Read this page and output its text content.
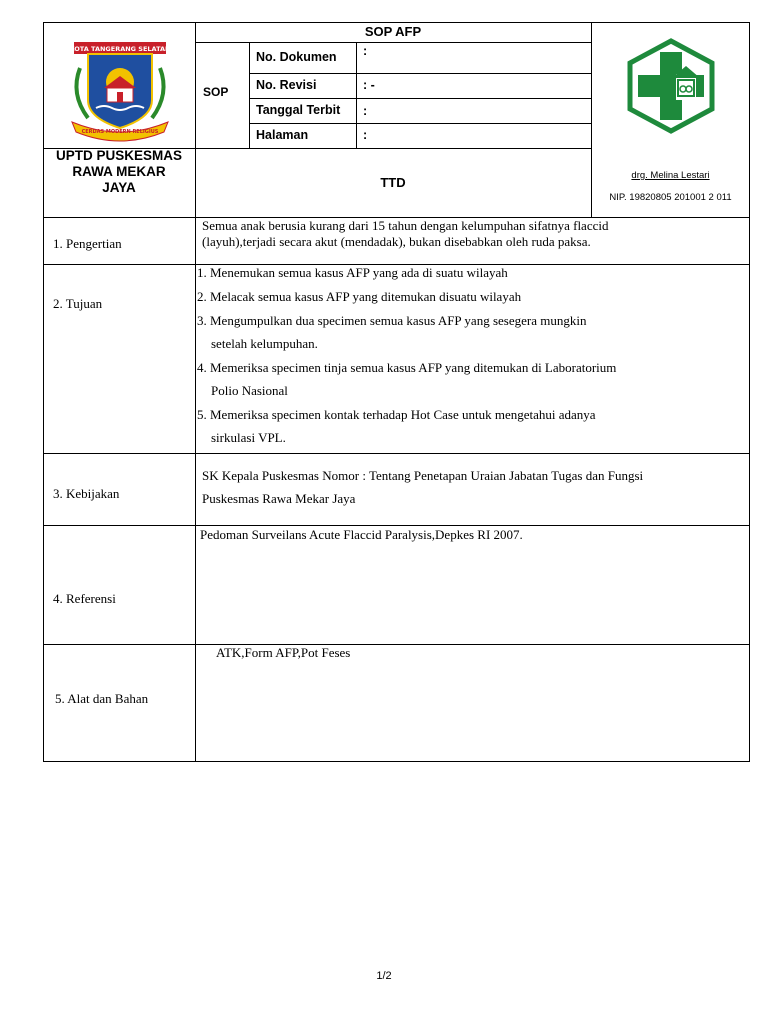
KOTA TANGERANG SELATAN
CERDAS MODERN RELIGIUS
SOP AFP
SOP
No. Dokumen :
No. Revisi	: -
Tanggal Terbit :
Halaman	:
UPTD PUSKESMAS
RAWA MEKAR
JAYA	TTD	drg. Melina Lestari
NIP. 19820805 201001 2 011
1. Pengertian
Semua anak berusia kurang dari 15 tahun dengan kelumpuhan sifatnya flaccid
(layuh),terjadi secara akut (mendadak), bukan disebabkan oleh ruda paksa.
2. Tujuan
1. Menemukan semua kasus AFP yang ada di suatu wilayah
2. Melacak semua kasus AFP yang ditemukan disuatu wilayah
3. Mengumpulkan dua specimen semua kasus AFP yang sesegera mungkin
setelah kelumpuhan.
4. Memeriksa specimen tinja semua kasus AFP yang ditemukan di Laboratorium
Polio Nasional
5. Memeriksa specimen kontak terhadap Hot Case untuk mengetahui adanya
sirkulasi VPL.
3. Kebijakan
SK Kepala Puskesmas Nomor : Tentang Penetapan Uraian Jabatan Tugas dan Fungsi
Puskesmas Rawa Mekar Jaya
4. Referensi
Pedoman Surveilans Acute Flaccid Paralysis,Depkes RI 2007.
5. Alat dan Bahan
ATK,Form AFP,Pot Feses
1/2
